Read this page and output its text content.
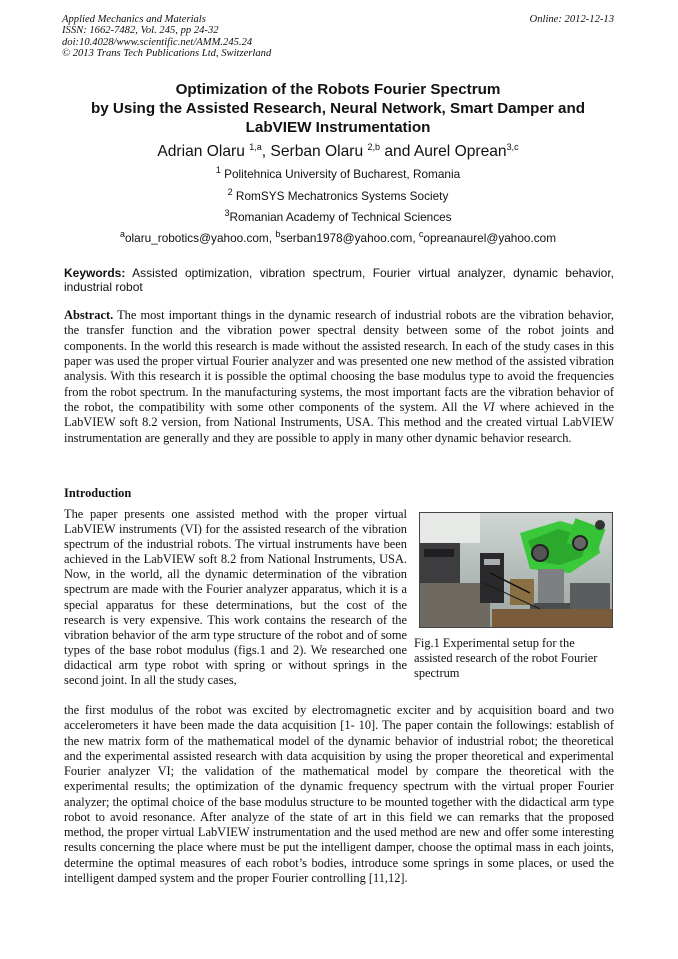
Applied Mechanics and Materials
ISSN: 1662-7482, Vol. 245, pp 24-32
doi:10.4028/www.scientific.net/AMM.245.24
© 2013 Trans Tech Publications Ltd, Switzerland
Online: 2012-12-13
Optimization of the Robots Fourier Spectrum
by Using the Assisted Research, Neural Network, Smart Damper and
LabVIEW Instrumentation
Adrian Olaru $^{1,a}$, Serban Olaru $^{2,b}$ and Aurel Oprean$^{3,c}$
$^1$ Politehnica University of Bucharest, Romania
$^2$ RomSYS Mechatronics Systems Society
$^3$Romanian Academy of Technical Sciences
$^a$olaru_robotics@yahoo.com, $^b$serban1978@yahoo.com, $^c$opreanaurel@yahoo.com
Keywords: Assisted optimization, vibration spectrum, Fourier virtual analyzer, dynamic behavior, industrial robot
Abstract. The most important things in the dynamic research of industrial robots are the vibration behavior, the transfer function and the vibration power spectral density between some of the robot joints and components. In the world this research is made without the assisted research. In each of the study cases in this paper was used the proper virtual Fourier analyzer and was presented one new method of the assisted vibration analysis. With this research it is possible the optimal choosing the base modulus type to avoid the frequencies from the robot spectrum. In the manufacturing systems, the most important facts are the vibration behavior of the robot, the compatibility with some other components of the system. All the VI where achieved in the LabVIEW soft 8.2 version, from National Instruments, USA. This method and the created virtual LabVIEW instrumentation are generally and they are possible to apply in many other dynamic behavior research.
Introduction

The paper presents one assisted method with the proper virtual LabVIEW instruments (VI) for the assisted research of the vibration spectrum of the industrial robots. The virtual instruments have been achieved in the LabVIEW soft 8.2 from National Instruments, USA. Now, in the world, all the dynamic determination of the vibration spectrum are made with the Fourier analyzer apparatus, which it is a special apparatus for these determinations, but the cost of the research is very expensive. This work contains the research of the vibration behavior of the arm type structure of the robot and of some types of the base robot modulus (figs.1 and 2). We researched one didactical arm type robot with spring or without springs in the second joint. In all the study cases,

Fig.1 Experimental setup for the assisted research of the robot Fourier spectrum

the first modulus of the robot was excited by electromagnetic exciter and by acquisition board and two accelerometers it have been made the data acquisition [1- 10]. The paper contain the followings: establish of the new matrix form of the mathematical model of the dynamic behavior of industrial robot; the theoretical and the experimental assisted research with data acquisition by using the proper theoretical and experimental Fourier analyzer VI; the validation of the mathematical model by compare the theoretical with the experimental results; the optimization of the dynamic frequency spectrum with the virtual proper Fourier analyzer; the optimal choice of the base modulus structure to be mounted together with the didactical arm type robot to avoid resonance. After analyze of the state of art in this field we can remarks that the proposed method, the proper virtual LabVIEW instrumentation and the used method are new and offer some interesting results concerning the place where must be put the intelligent damper, choose the optimal mass in each joints, determine the optimal measures of each robot’s bodies, introduce some springs in some places, or used the intelligent damped system and the proper Fourier controlling [11,12].
